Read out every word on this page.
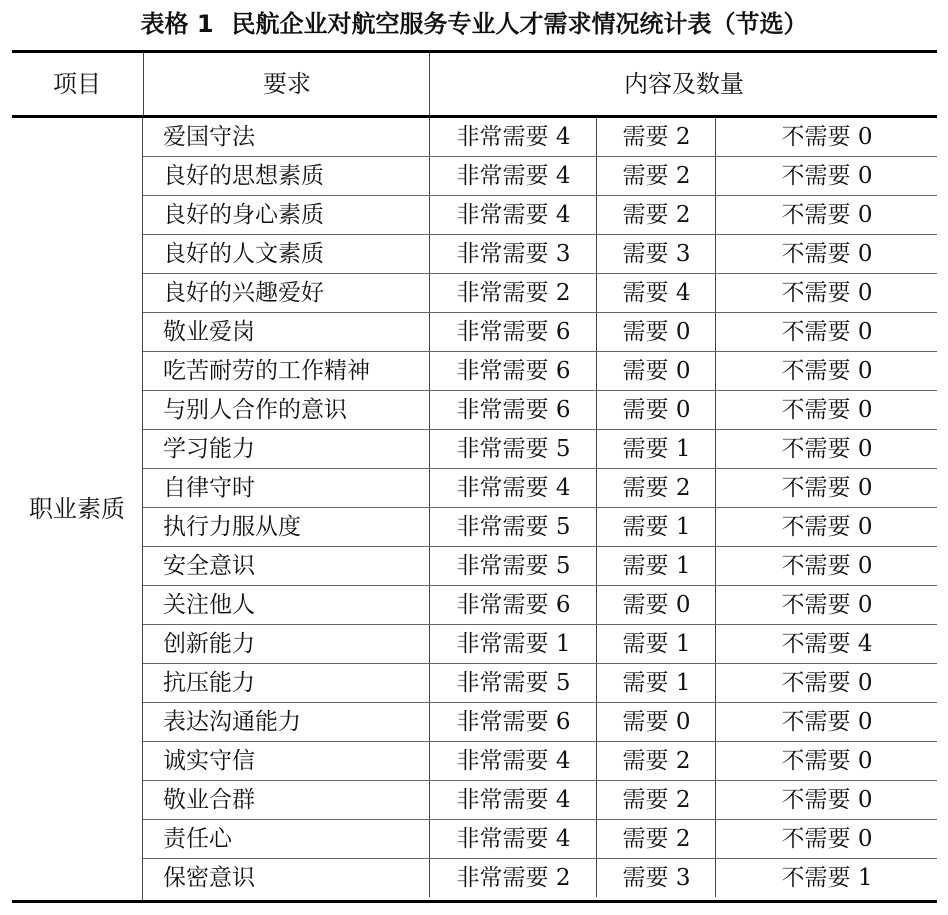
表格 1 民航企业对航空服务专业人才需求情况统计表（节选）
项目	要求	内容及数量
职业素质
爱国守法	非常需要 4	需要 2	不需要 0
良好的思想素质	非常需要 4	需要 2	不需要 0
良好的身心素质	非常需要 4	需要 2	不需要 0
良好的人文素质	非常需要 3	需要 3	不需要 0
良好的兴趣爱好	非常需要 2	需要 4	不需要 0
敬业爱岗	非常需要 6	需要 0	不需要 0
吃苦耐劳的工作精神	非常需要 6	需要 0	不需要 0
与别人合作的意识	非常需要 6	需要 0	不需要 0
学习能力	非常需要 5	需要 1	不需要 0
自律守时	非常需要 4	需要 2	不需要 0
执行力服从度	非常需要 5	需要 1	不需要 0
安全意识	非常需要 5	需要 1	不需要 0
关注他人	非常需要 6	需要 0	不需要 0
创新能力	非常需要 1	需要 1	不需要 4
抗压能力	非常需要 5	需要 1	不需要 0
表达沟通能力	非常需要 6	需要 0	不需要 0
诚实守信	非常需要 4	需要 2	不需要 0
敬业合群	非常需要 4	需要 2	不需要 0
责任心	非常需要 4	需要 2	不需要 0
保密意识	非常需要 2	需要 3	不需要 1
